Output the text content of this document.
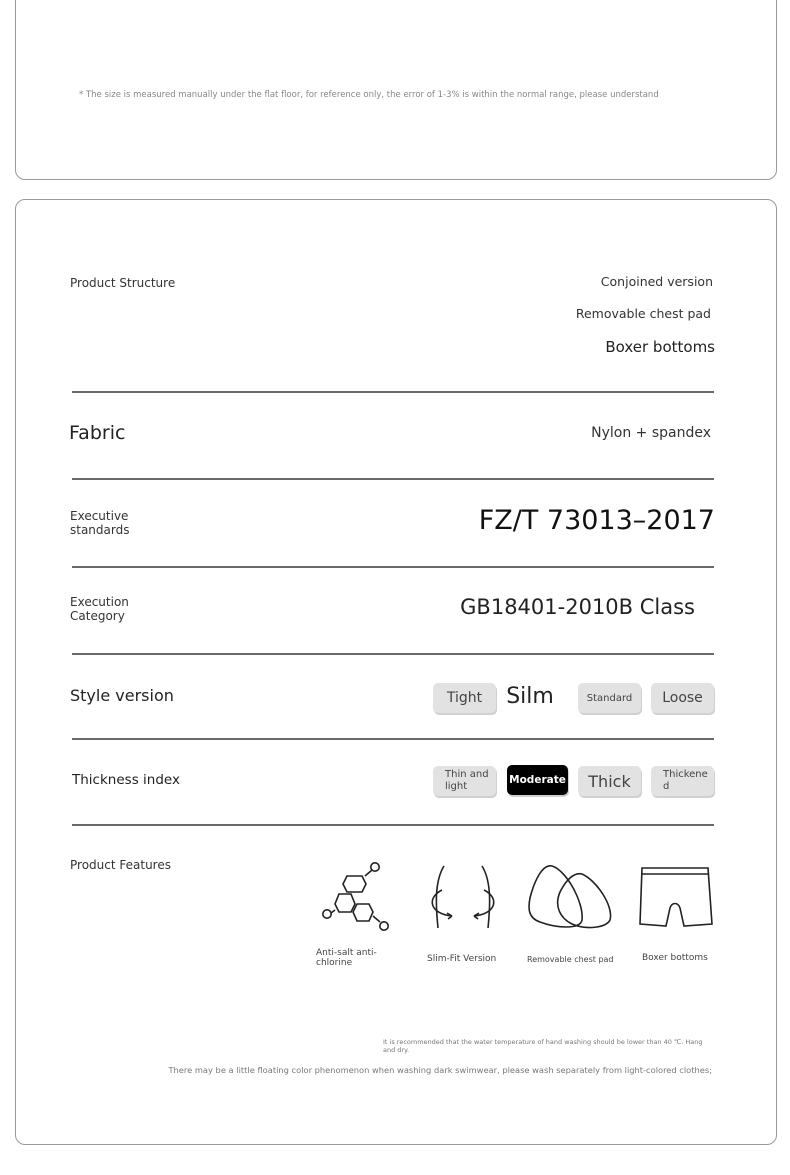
* The size is measured manually under the flat floor, for reference only, the error of 1-3% is within the normal range, please understand
Product Structure	Conjoined version
Removable chest pad
Boxer bottoms
Fabric	Nylon + spandex
Executive
standards	FZ/T 73013–2017
Execution
Category	GB18401-2010B Class
Style version	Tight	Silm	Standard	Loose
Thickness index	Thin and light
Moderate	Thick	Thickened
Product Features
Anti-salt anti-chlorine	Slim-Fit Version	Removable chest pad	Boxer bottoms
It is recommended that the water temperature of hand washing should be lower than 40 ℃. Hang and dry.
There may be a little floating color phenomenon when washing dark swimwear, please wash separately from light-colored clothes;
